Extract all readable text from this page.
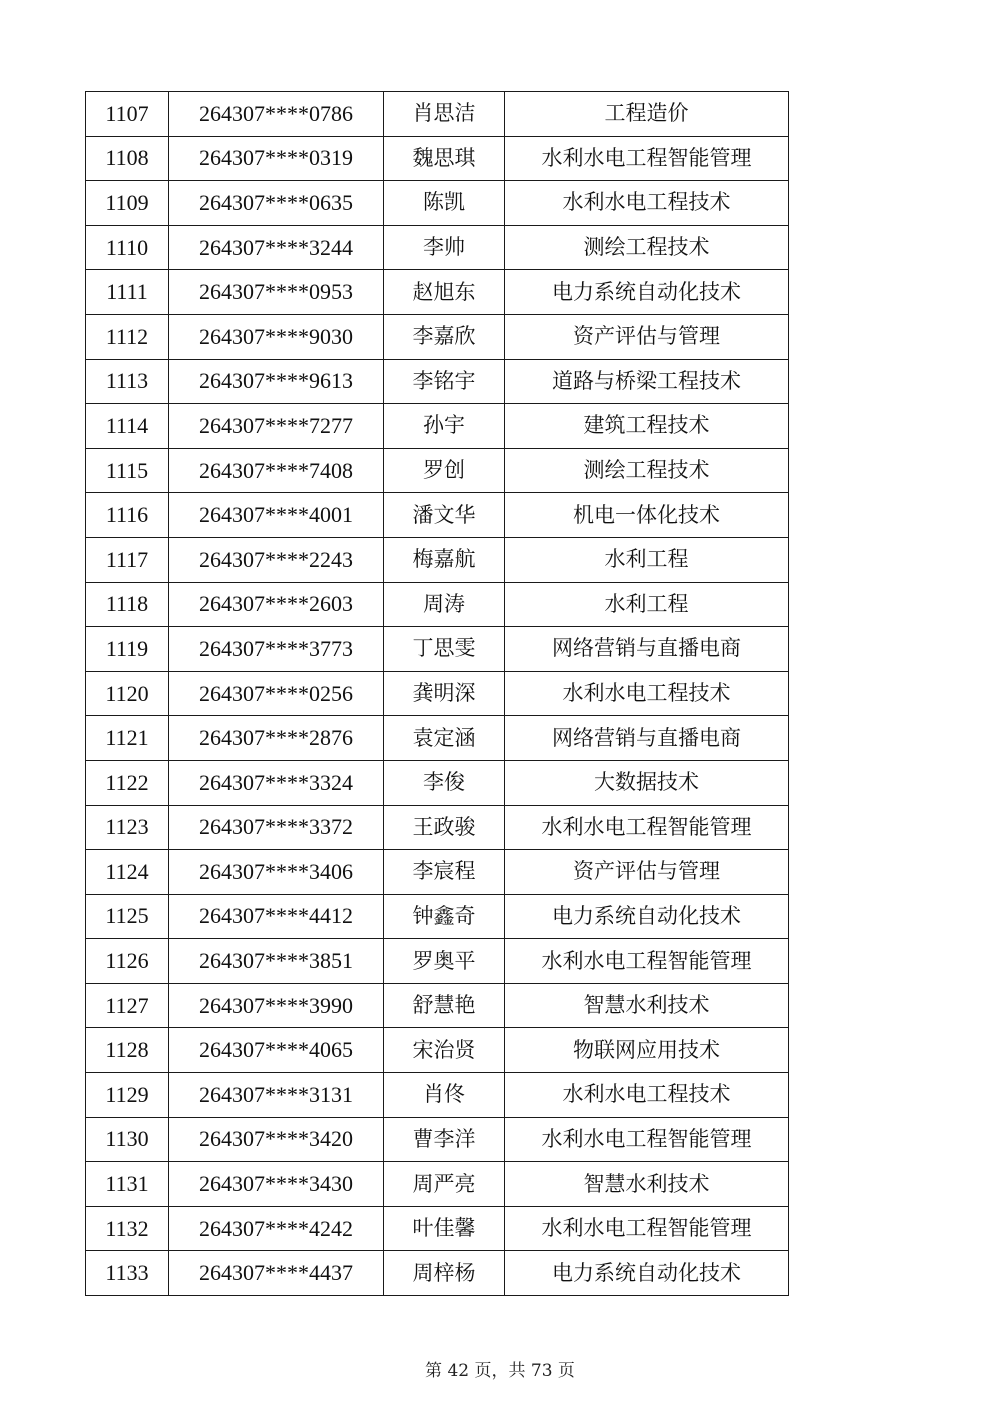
1107	264307****0786	肖思洁	工程造价
1108	264307****0319	魏思琪	水利水电工程智能管理
1109	264307****0635	陈凯	水利水电工程技术
1110	264307****3244	李帅	测绘工程技术
1111	264307****0953	赵旭东	电力系统自动化技术
1112	264307****9030	李嘉欣	资产评估与管理
1113	264307****9613	李铭宇	道路与桥梁工程技术
1114	264307****7277	孙宇	建筑工程技术
1115	264307****7408	罗创	测绘工程技术
1116	264307****4001	潘文华	机电一体化技术
1117	264307****2243	梅嘉航	水利工程
1118	264307****2603	周涛	水利工程
1119	264307****3773	丁思雯	网络营销与直播电商
1120	264307****0256	龚明深	水利水电工程技术
1121	264307****2876	袁定涵	网络营销与直播电商
1122	264307****3324	李俊	大数据技术
1123	264307****3372	王政骏	水利水电工程智能管理
1124	264307****3406	李宸程	资产评估与管理
1125	264307****4412	钟鑫奇	电力系统自动化技术
1126	264307****3851	罗奥平	水利水电工程智能管理
1127	264307****3990	舒慧艳	智慧水利技术
1128	264307****4065	宋治贤	物联网应用技术
1129	264307****3131	肖佟	水利水电工程技术
1130	264307****3420	曹李洋	水利水电工程智能管理
1131	264307****3430	周严亮	智慧水利技术
1132	264307****4242	叶佳馨	水利水电工程智能管理
1133	264307****4437	周梓杨	电力系统自动化技术
第 42 页，共 73 页
